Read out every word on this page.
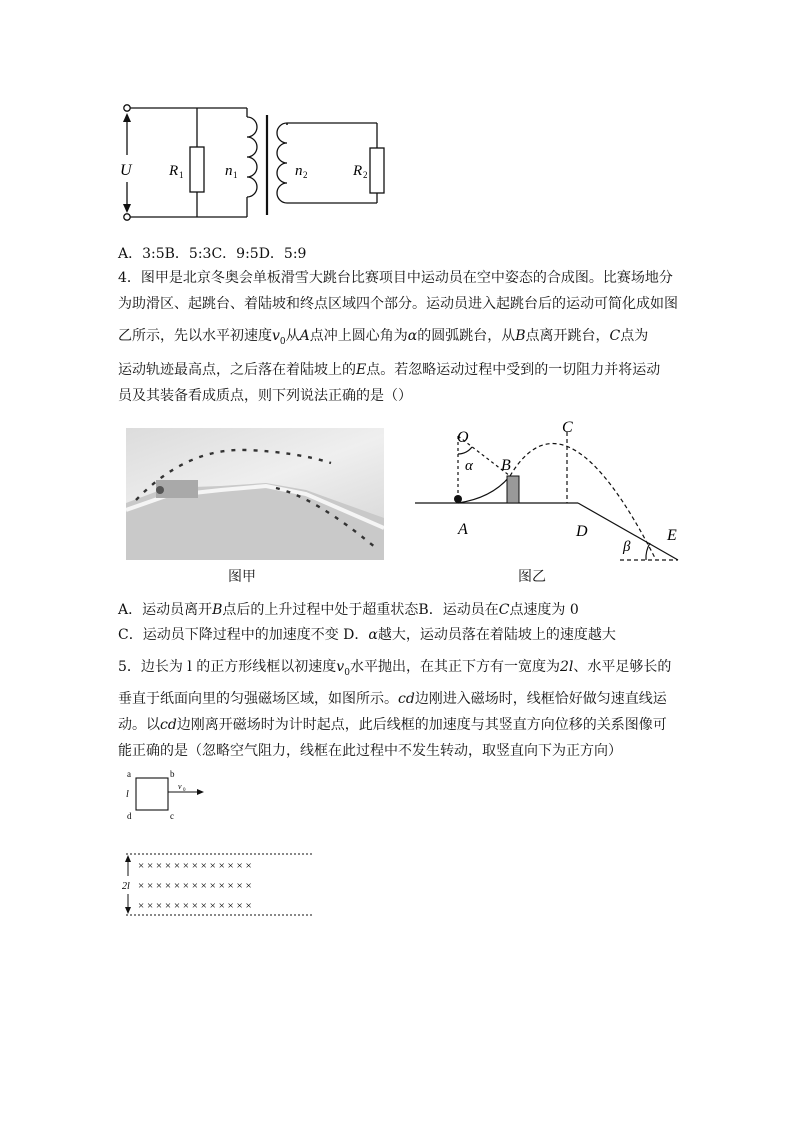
U R 1	n 1	n 2	R 2
A．3:5B．5:3C．9:5D．5:9
4．图甲是北京冬奥会单板滑雪大跳台比赛项目中运动员在空中姿态的合成图。比赛场地分
为助滑区、起跳台、着陆坡和终点区域四个部分。运动员进入起跳台后的运动可简化成如图
乙所示，先以水平初速度$v_0$从A点冲上圆心角为α的圆弧跳台，从B点离开跳台，C点为
运动轨迹最高点，之后落在着陆坡上的E点。若忽略运动过程中受到的一切阻力并将运动
员及其装备看成质点，则下列说法正确的是（）
图甲
O
B
C
A	D	E
α
β
图乙
A．运动员离开B点后的上升过程中处于超重状态B．运动员在C点速度为 0
C．运动员下降过程中的加速度不变 D．α越大，运动员落在着陆坡上的速度越大
5．边长为 l 的正方形线框以初速度$v_0$水平抛出，在其正下方有一宽度为2l、水平足够长的
垂直于纸面向里的匀强磁场区域，如图所示。cd边刚进入磁场时，线框恰好做匀速直线运
动。以cd边刚离开磁场时为计时起点，此后线框的加速度与其竖直方向位移的关系图像可
能正确的是（忽略空气阻力，线框在此过程中不发生转动，取竖直向下为正方向）
a	b
c
d
l
v 0
2l
× × × × × × × × × × × × ×
× × × × × × × × × × × × ×
× × × × × × × × × × × × ×
